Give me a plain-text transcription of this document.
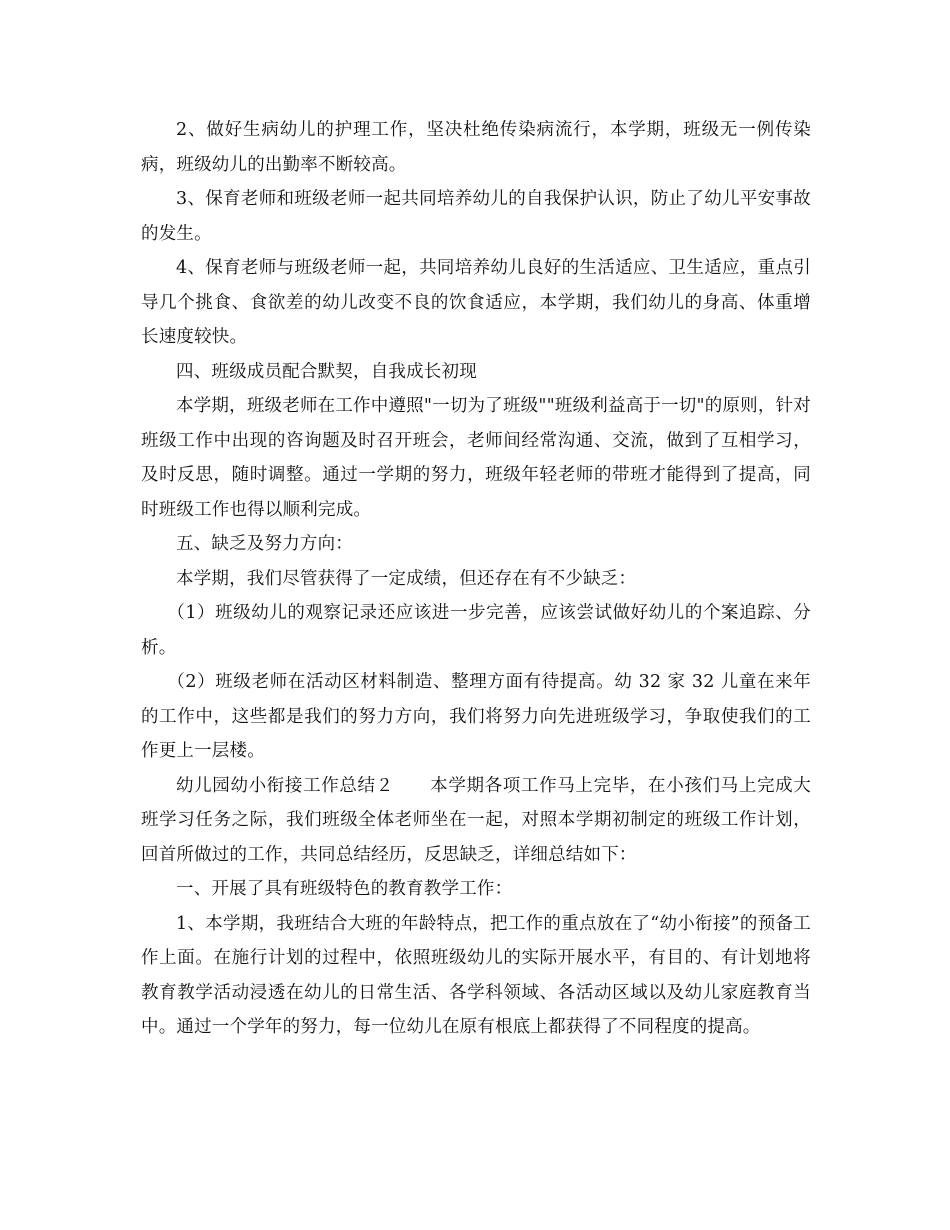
2、做好生病幼儿的护理工作，坚决杜绝传染病流行，本学期，班级无一例传染病，班级幼儿的出勤率不断较高。

3、保育老师和班级老师一起共同培养幼儿的自我保护认识，防止了幼儿平安事故的发生。

4、保育老师与班级老师一起，共同培养幼儿良好的生活适应、卫生适应，重点引导几个挑食、食欲差的幼儿改变不良的饮食适应，本学期，我们幼儿的身高、体重增长速度较快。

四、班级成员配合默契，自我成长初现

本学期，班级老师在工作中遵照"一切为了班级""班级利益高于一切"的原则，针对班级工作中出现的咨询题及时召开班会，老师间经常沟通、交流，做到了互相学习，及时反思，随时调整。通过一学期的努力，班级年轻老师的带班才能得到了提高，同时班级工作也得以顺利完成。

五、缺乏及努力方向：

本学期，我们尽管获得了一定成绩，但还存在有不少缺乏：

（1）班级幼儿的观察记录还应该进一步完善，应该尝试做好幼儿的个案追踪、分析。

（2）班级老师在活动区材料制造、整理方面有待提高。幼 32 家 32 儿童在来年的工作中，这些都是我们的努力方向，我们将努力向先进班级学习，争取使我们的工作更上一层楼。

幼儿园幼小衔接工作总结２　　本学期各项工作马上完毕，在小孩们马上完成大班学习任务之际，我们班级全体老师坐在一起，对照本学期初制定的班级工作计划，回首所做过的工作，共同总结经历，反思缺乏，详细总结如下：

一、开展了具有班级特色的教育教学工作：

1、本学期，我班结合大班的年龄特点，把工作的重点放在了“幼小衔接”的预备工作上面。在施行计划的过程中，依照班级幼儿的实际开展水平，有目的、有计划地将教育教学活动浸透在幼儿的日常生活、各学科领域、各活动区域以及幼儿家庭教育当中。通过一个学年的努力，每一位幼儿在原有根底上都获得了不同程度的提高。
